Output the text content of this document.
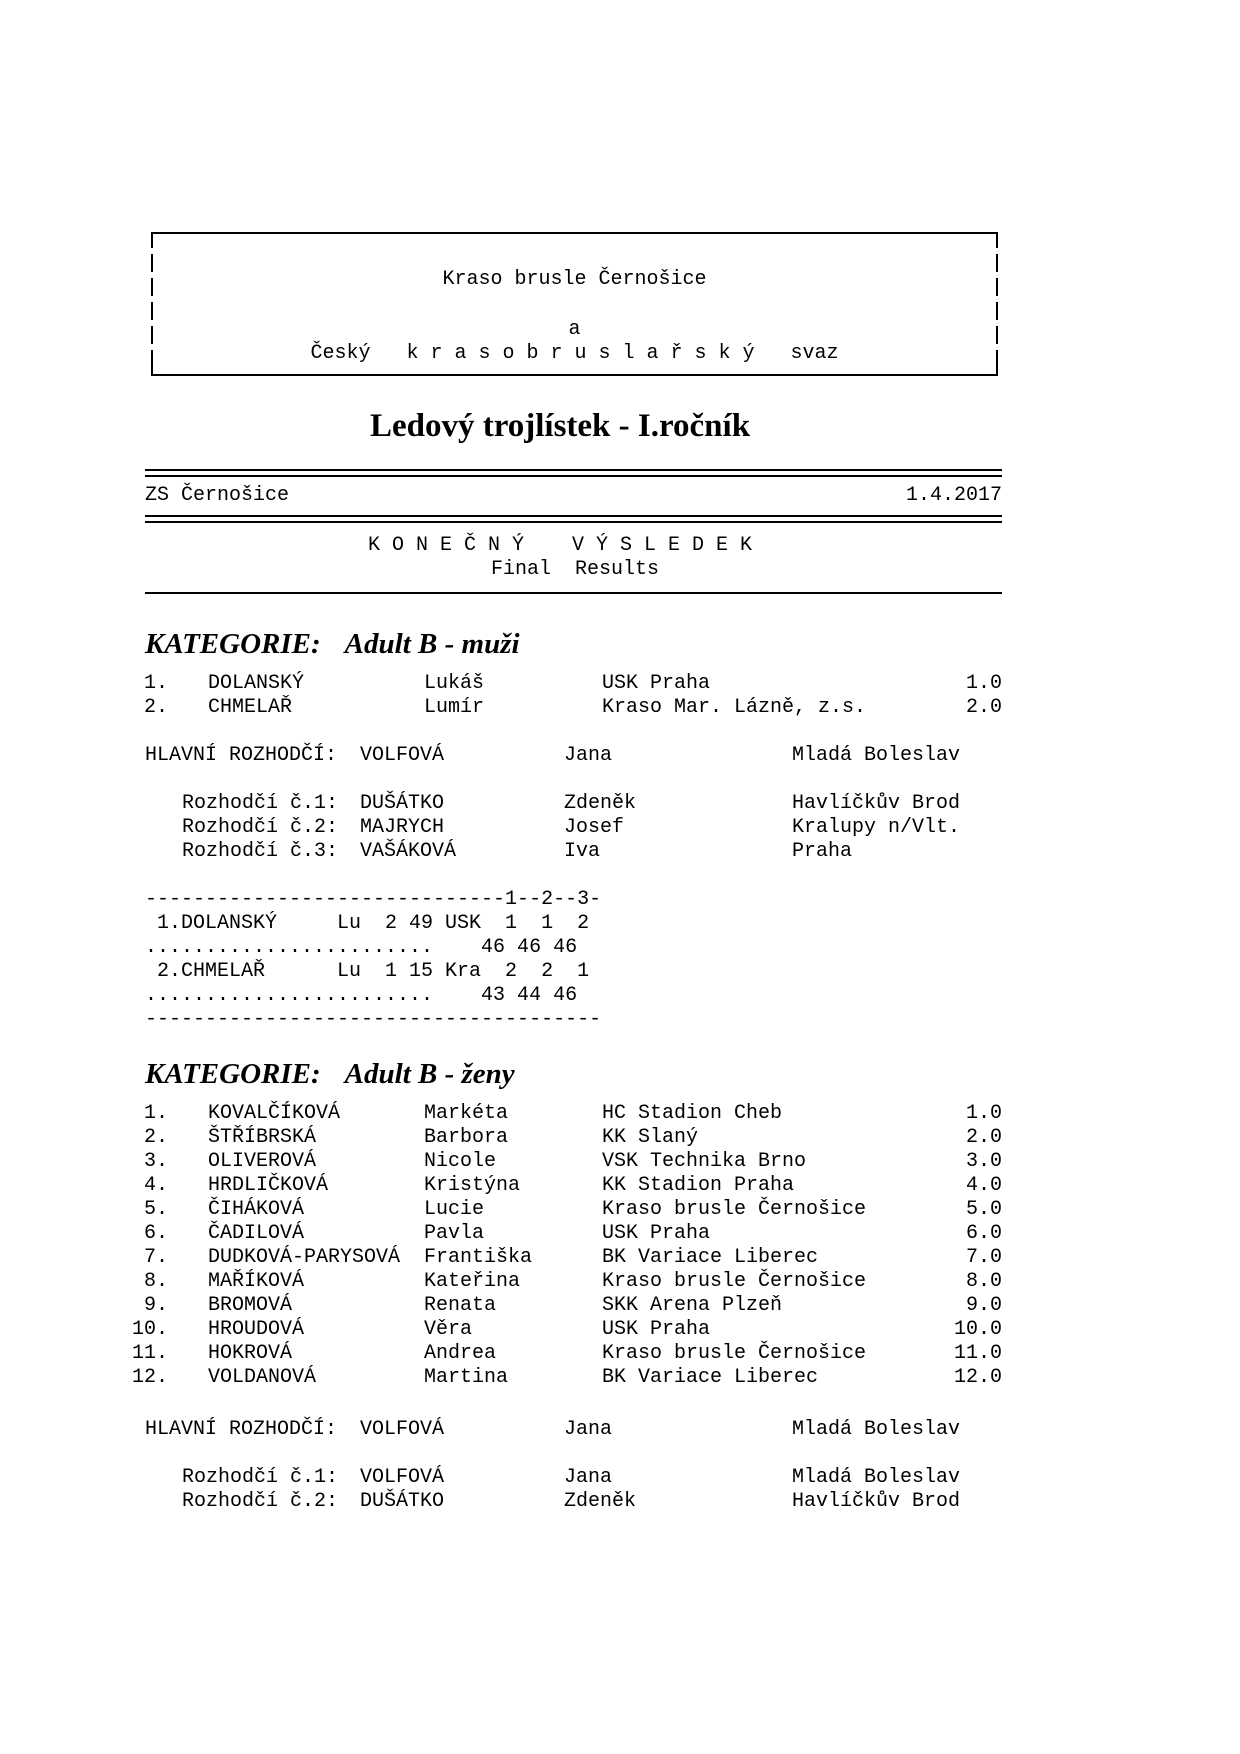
Kraso brusle Černošice
a
Český   k r a s o b r u s l a ř s k ý   svaz
Ledový trojlístek - I.ročník
ZS Černošice	1.4.2017
K O N E Č N Ý    V Ý S L E D E K
Final  Results
KATEGORIE: Adult B - muži
1. DOLANSKÝ	Lukáš	USK Praha	1.0
2. CHMELAŘ	Lumír	Kraso Mar. Lázně, z.s.	2.0
HLAVNÍ ROZHODČÍ: VOLFOVÁ	Jana	Mladá Boleslav
Rozhodčí č.1: DUŠÁTKO	Zdeněk	Havlíčkův Brod
Rozhodčí č.2: MAJRYCH	Josef	Kralupy n/Vlt.
Rozhodčí č.3: VAŠÁKOVÁ	Iva	Praha
------------------------------1--2--3-
1.DOLANSKÝ     Lu  2 49 USK  1  1  2
........................    46 46 46
2.CHMELAŘ      Lu  1 15 Kra  2  2  1
........................    43 44 46
--------------------------------------
KATEGORIE: Adult B - ženy
1. KOVALČÍKOVÁ	Markéta	HC Stadion Cheb	1.0
2. ŠTŘÍBRSKÁ	Barbora	KK Slaný	2.0
3. OLIVEROVÁ	Nicole	VSK Technika Brno	3.0
4. HRDLIČKOVÁ	Kristýna	KK Stadion Praha	4.0
5. ČIHÁKOVÁ	Lucie	Kraso brusle Černošice	5.0
6. ČADILOVÁ	Pavla	USK Praha	6.0
7. DUDKOVÁ-PARYSOVÁ Františka	BK Variace Liberec	7.0
8. MAŘÍKOVÁ	Kateřina	Kraso brusle Černošice	8.0
9. BROMOVÁ	Renata	SKK Arena Plzeň	9.0
10. HROUDOVÁ	Věra	USK Praha	10.0
11. HOKROVÁ	Andrea	Kraso brusle Černošice	11.0
12. VOLDANOVÁ	Martina	BK Variace Liberec	12.0
HLAVNÍ ROZHODČÍ: VOLFOVÁ	Jana	Mladá Boleslav
Rozhodčí č.1: VOLFOVÁ	Jana	Mladá Boleslav
Rozhodčí č.2: DUŠÁTKO	Zdeněk	Havlíčkův Brod
